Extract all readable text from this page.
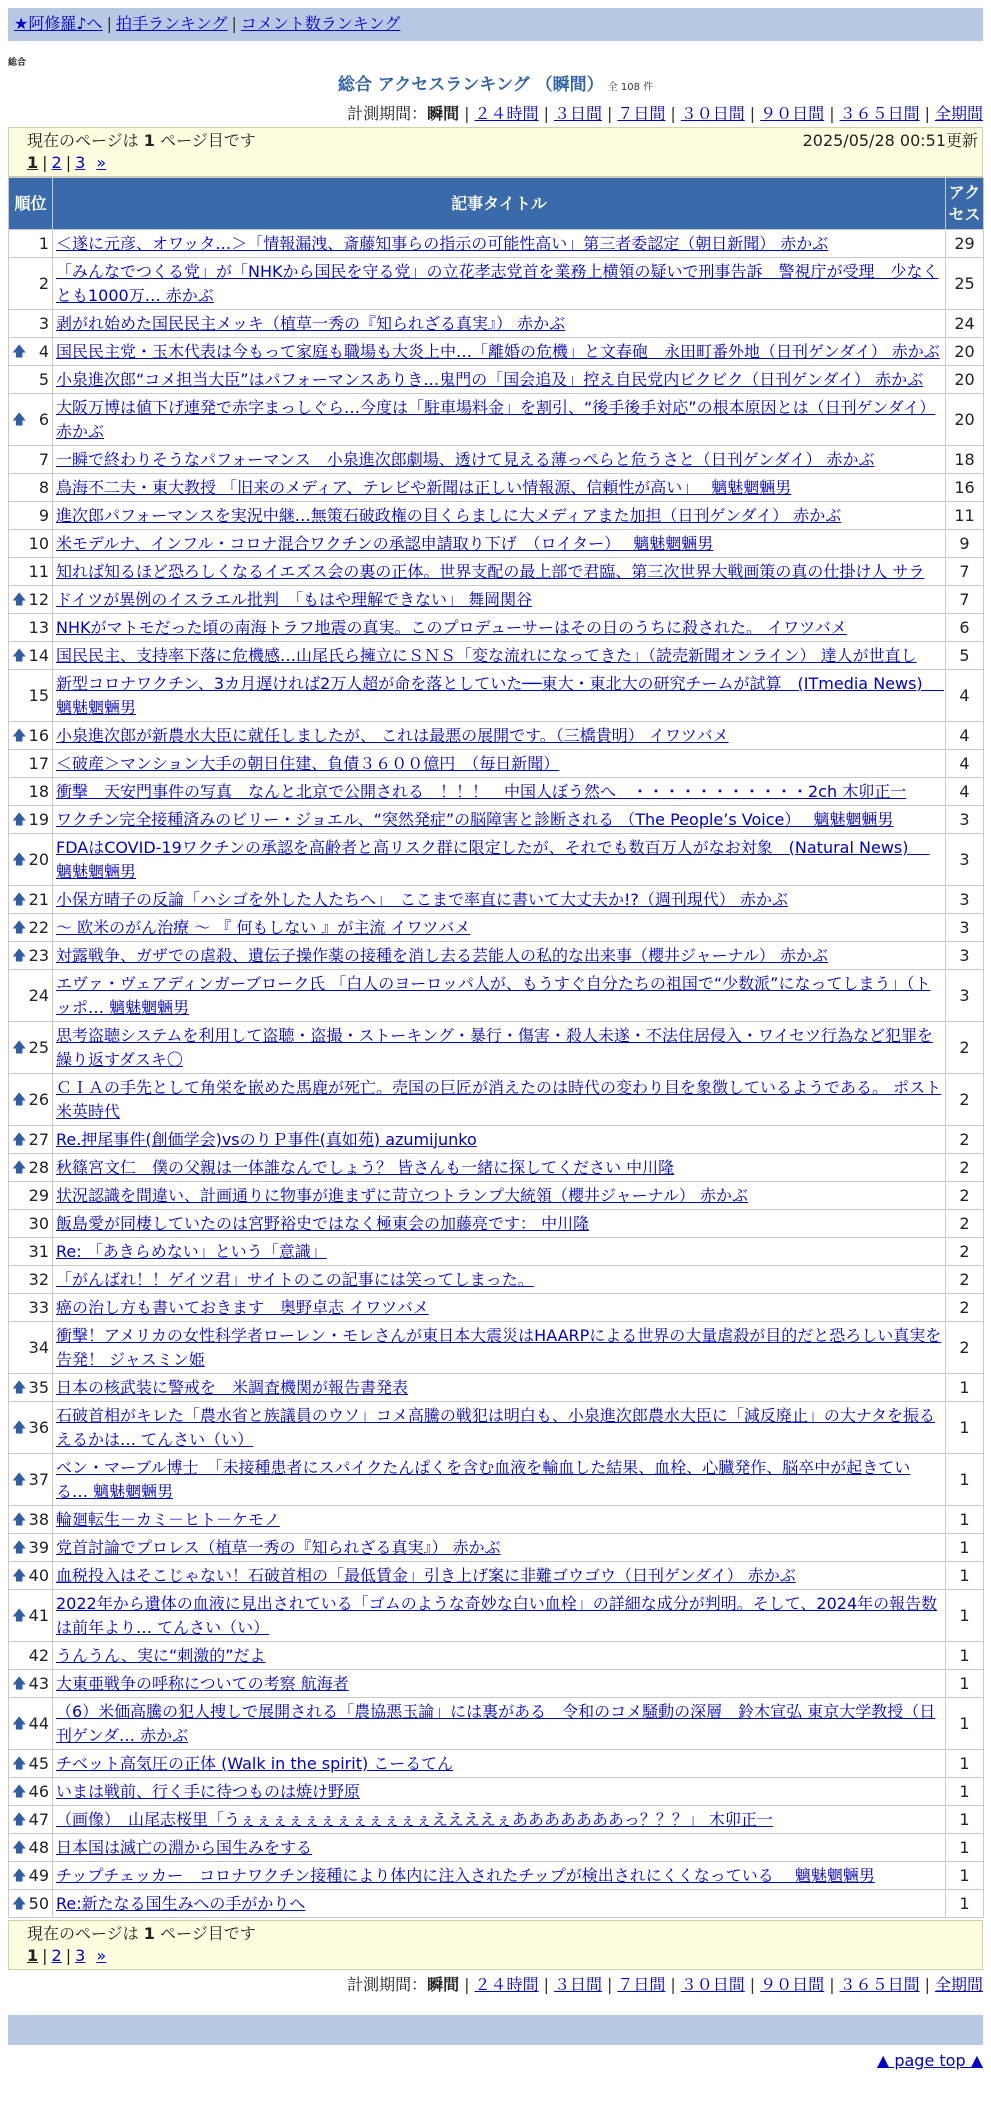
★阿修羅♪へ | 拍手ランキング | コメント数ランキング
総合
総合 アクセスランキング （瞬間） 全 108 件
計測期間：瞬間 | ２４時間 | ３日間 | ７日間 | ３０日間 | ９０日間 | ３６５日間 | 全期間
現在のページは 1 ページ目です	2025/05/28 00:51更新
1 | 2 | 3 »
順位	記事タイトル	アクセス
1	＜遂に元彦、オワッタ…＞「情報漏洩、斎藤知事らの指示の可能性高い」第三者委認定（朝日新聞） 赤かぶ	29
2	「みんなでつくる党」が「NHKから国民を守る党」の立花孝志党首を業務上横領の疑いで刑事告訴　警視庁が受理　少なくとも1000万… 赤かぶ	25
3	剥がれ始めた国民民主メッキ（植草一秀の『知られざる真実』） 赤かぶ	24

🡅 4	国民民主党・玉木代表は今もって家庭も職場も大炎上中…「離婚の危機」と文春砲　永田町番外地（日刊ゲンダイ） 赤かぶ	20
5	小泉進次郎“コメ担当大臣”はパフォーマンスありき…鬼門の「国会追及」控え自民党内ビクビク（日刊ゲンダイ） 赤かぶ	20

🡅 6	大阪万博は値下げ連発で赤字まっしぐら…今度は「駐車場料金」を割引、“後手後手対応”の根本原因とは（日刊ゲンダイ） 赤かぶ	20
7	一瞬で終わりそうなパフォーマンス　小泉進次郎劇場、透けて見える薄っぺらと危うさと（日刊ゲンダイ） 赤かぶ	18
8	鳥海不二夫・東大教授 「旧来のメディア、テレビや新聞は正しい情報源、信頼性が高い」　 魑魅魍魎男	16
9	進次郎パフォーマンスを実況中継…無策石破政権の目くらましに大メディアまた加担（日刊ゲンダイ） 赤かぶ	11
10	米モデルナ、インフル・コロナ混合ワクチンの承認申請取り下げ　（ロイター）　 魑魅魍魎男	9
11	知れば知るほど恐ろしくなるイエズス会の裏の正体。世界支配の最上部で君臨、第三次世界大戦画策の真の仕掛け人 サラ	7

🡅 12	ドイツが異例のイスラエル批判　「もはや理解できない」 舞岡関谷	7
13	NHKがマトモだった頃の南海トラフ地震の真実。このプロデューサーはその日のうちに殺された。 イワツバメ	6

🡅 14	国民民主、支持率下落に危機感…山尾氏ら擁立にＳＮＳ「変な流れになってきた」（読売新聞オンライン） 達人が世直し	5
15	新型コロナワクチン、3カ月遅ければ2万人超が命を落としていた──東大・東北大の研究チームが試算　(ITmedia News)　 魑魅魍魎男	4

🡅 16	小泉進次郎が新農水大臣に就任しましたが、 これは最悪の展開です。（三橋貴明） イワツバメ	4
17	＜破産＞マンション大手の朝日住建、負債３６００億円　（毎日新聞）	4
18	衝撃　天安門事件の写真　なんと北京で公開される　！！！　中国人ぼう然へ　・・・・・・・・・・・2ch 木卯正一	4

🡅 19	ワクチン完全接種済みのビリー・ジョエル、“突然発症”の脳障害と診断される （The People’s Voice）　 魑魅魍魎男	3

🡅 20	FDAはCOVID-19ワクチンの承認を高齢者と高リスク群に限定したが、それでも数百万人がなお対象　(Natural News)　 魑魅魍魎男	3

🡅 21	小保方晴子の反論「ハシゴを外した人たちへ」　ここまで率直に書いて大丈夫か!?（週刊現代） 赤かぶ	3

🡅 22	～ 欧米のがん治療 ～ 『 何もしない 』が主流 イワツバメ	3

🡅 23	対露戦争、ガザでの虐殺、遺伝子操作薬の接種を消し去る芸能人の私的な出来事（櫻井ジャーナル） 赤かぶ	3
24	エヴァ・ヴェアディンガーブローク氏 「白人のヨーロッパ人が、もうすぐ自分たちの祖国で“少数派”になってしまう」（トッポ… 魑魅魍魎男	3

🡅 25	思考盗聴システムを利用して盗聴・盗撮・ストーキング・暴行・傷害・殺人未遂・不法住居侵入・ワイセツ行為など犯罪を繰り返すダスキ〇	2

🡅 26	ＣＩＡの手先として角栄を嵌めた馬鹿が死亡。売国の巨匠が消えたのは時代の変わり目を象徴しているようである。 ポスト米英時代	2

🡅 27	Re.押尾事件(創価学会)vsのりＰ事件(真如苑) azumijunko	2

🡅 28	秋篠宮文仁　僕の父親は一体誰なんでしょう？ 皆さんも一緒に探してください 中川隆	2
29	状況認識を間違い、計画通りに物事が進まずに苛立つトランプ大統領（櫻井ジャーナル） 赤かぶ	2
30	飯島愛が同棲していたのは宮野裕史ではなく極東会の加藤亮です： 中川隆	2
31	Re: 「あきらめない」という「意識」	2
32	「がんばれ！！ゲイツ君」サイトのこの記事には笑ってしまった。	2
33	癌の治し方も書いておきます　奥野卓志 イワツバメ	2
34	衝撃！アメリカの女性科学者ローレン・モレさんが東日本大震災はHAARPによる世界の大量虐殺が目的だと恐ろしい真実を告発！ ジャスミン姫	2

🡅 35	日本の核武装に警戒を　米調査機関が報告書発表	1

🡅 36	石破首相がキレた「農水省と族議員のウソ」コメ高騰の戦犯は明白も、小泉進次郎農水大臣に「減反廃止」の大ナタを振るえるかは… てんさい（い）	1

🡅 37	ベン・マーブル博士　「未接種患者にスパイクたんぱくを含む血液を輸血した結果、血栓、心臓発作、脳卒中が起きている… 魑魅魍魎男	1

🡅 38	輪廻転生－カミ－ヒト－ケモノ	1

🡅 39	党首討論でプロレス（植草一秀の『知られざる真実』） 赤かぶ	1

🡅 40	血税投入はそこじゃない！石破首相の「最低賃金」引き上げ案に非難ゴウゴウ（日刊ゲンダイ） 赤かぶ	1

🡅 41	2022年から遺体の血液に見出されている「ゴムのような奇妙な白い血栓」の詳細な成分が判明。そして、2024年の報告数は前年より… てんさい（い）	1
42	うんうん、実に“刺激的”だよ	1

🡅 43	大東亜戦争の呼称についての考察 航海者	1

🡅 44	（6）米価高騰の犯人捜しで展開される「農協悪玉論」には裏がある　令和のコメ騒動の深層　鈴木宣弘 東京大学教授（日刊ゲンダ… 赤かぶ	1

🡅 45	チベット高気圧の正体 (Walk in the spirit) こーるてん	1

🡅 46	いまは戦前、行く手に待つものは焼け野原	1

🡅 47	（画像）　山尾志桜里「うぇぇぇぇぇぇぇぇぇぇぇぇええええぇあああああああっ？？？」 木卯正一	1

🡅 48	日本国は滅亡の淵から国生みをする	1

🡅 49	チップチェッカー　コロナワクチン接種により体内に注入されたチップが検出されにくくなっている　 魑魅魍魎男	1

🡅 50	Re:新たなる国生みへの手がかりへ	1
現在のページは 1 ページ目です
1 | 2 | 3 »
計測期間：瞬間 | ２４時間 | ３日間 | ７日間 | ３０日間 | ９０日間 | ３６５日間 | 全期間
▲ page top ▲
